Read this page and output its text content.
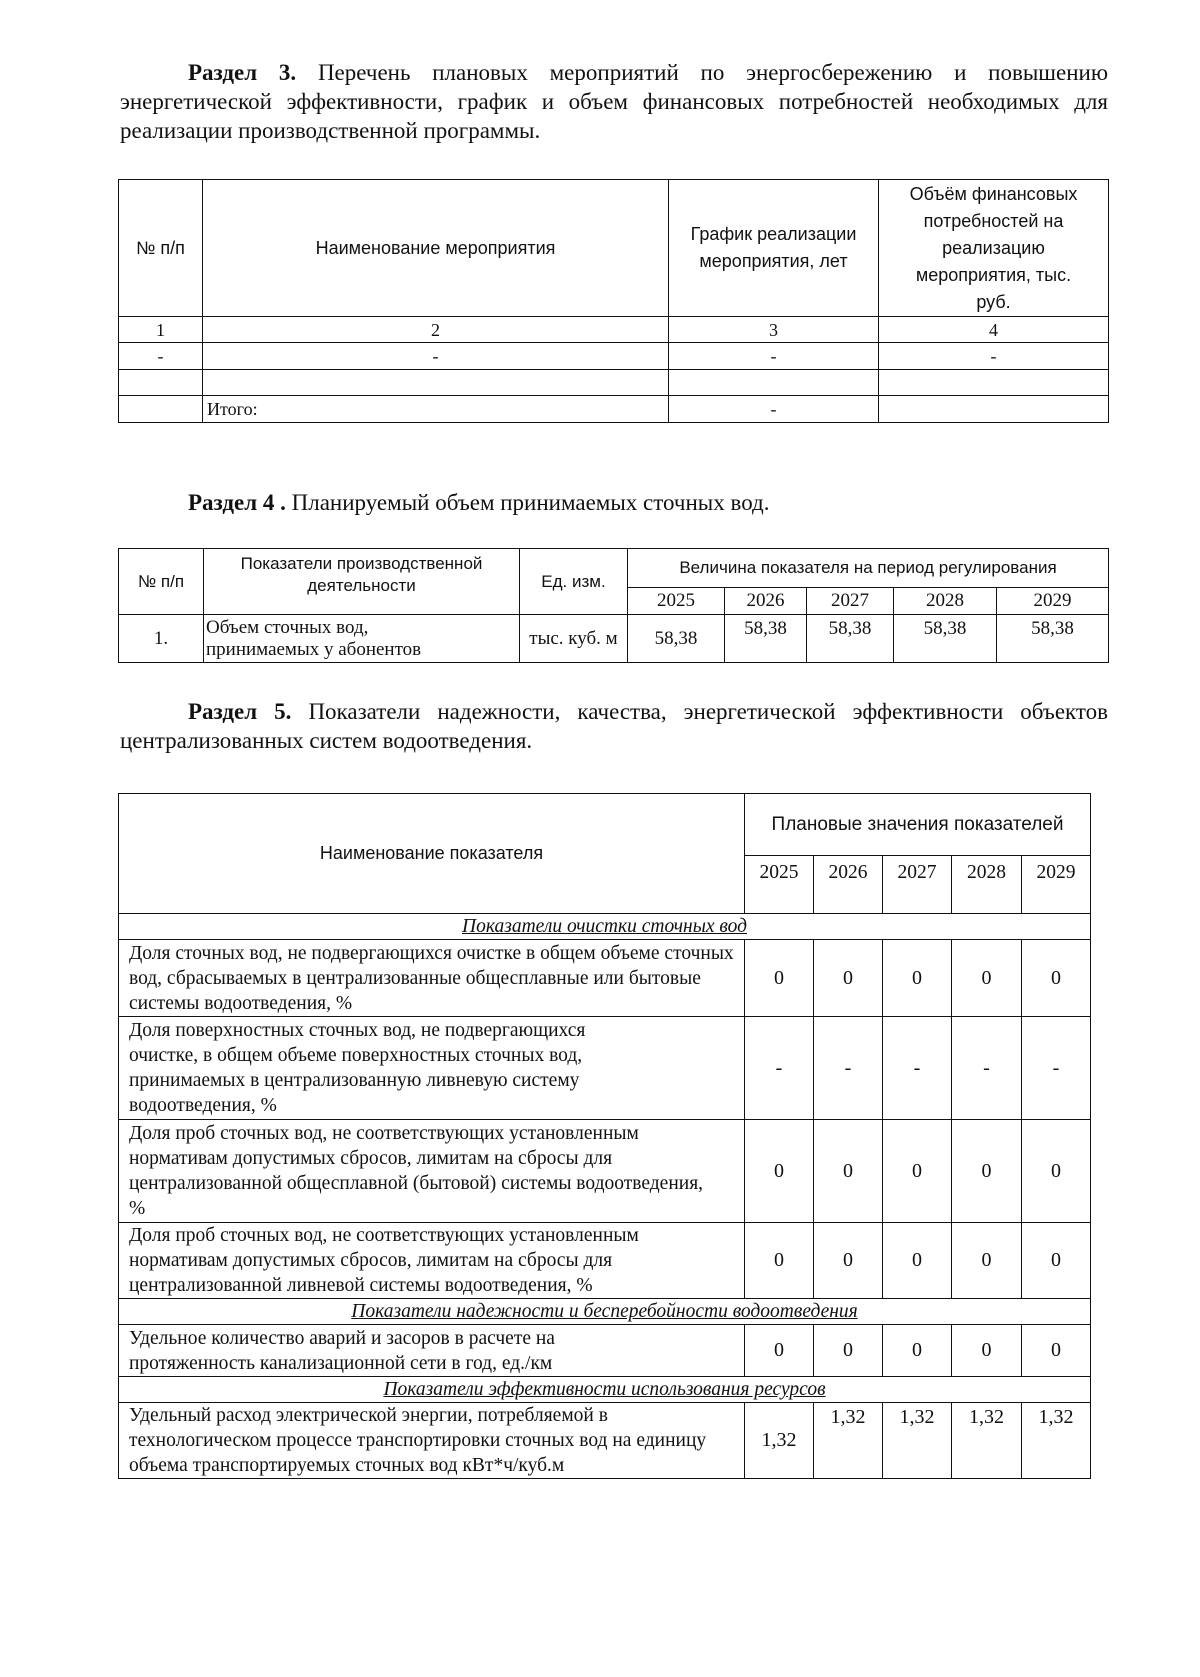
Раздел 3. Перечень плановых мероприятий по энергосбережению и повышению энергетической эффективности, график и объем финансовых потребностей необходимых для реализации производственной программы.
№ п/п	Наименование мероприятия	График реализации мероприятия, лет	Объём финансовых потребностей на реализацию мероприятия, тыс. руб.
1	2	3	4
-	-	-	-

	Итого:	-	
Раздел 4 . Планируемый объем принимаемых сточных вод.
№ п/п	Показатели производственной деятельности	Ед. изм.	Величина показателя на период регулирования				
			2025	2026	2027	2028	2029
1.	Объем сточных вод, принимаемых у абонентов	тыс. куб. м	58,38	58,38	58,38	58,38	58,38
Раздел 5. Показатели надежности, качества, энергетической эффективности объектов централизованных систем водоотведения.
Наименование показателя	Плановые значения показателей				
	2025	2026	2027	2028	2029
Показатели очистки сточных вод					
Доля сточных вод, не подвергающихся очистке в общем объеме сточных вод, сбрасываемых в централизованные общесплавные или бытовые системы водоотведения, %	0	0	0	0	0
Доля поверхностных сточных вод, не подвергающихся очистке, в общем объеме поверхностных сточных вод, принимаемых в централизованную ливневую систему водоотведения, %	-	-	-	-	-
Доля проб сточных вод, не соответствующих установленным нормативам допустимых сбросов, лимитам на сбросы для централизованной общесплавной (бытовой) системы водоотведения, %	0	0	0	0	0
Доля проб сточных вод, не соответствующих установленным нормативам допустимых сбросов, лимитам на сбросы для централизованной ливневой системы водоотведения, %	0	0	0	0	0
Показатели надежности и бесперебойности водоотведения					
Удельное количество аварий и засоров в расчете на протяженность канализационной сети в год, ед./км	0	0	0	0	0
Показатели эффективности использования ресурсов					
Удельный расход электрической энергии, потребляемой в технологическом процессе транспортировки сточных вод на единицу объема транспортируемых сточных вод кВт*ч/куб.м	1,32	1,32	1,32	1,32	1,32
